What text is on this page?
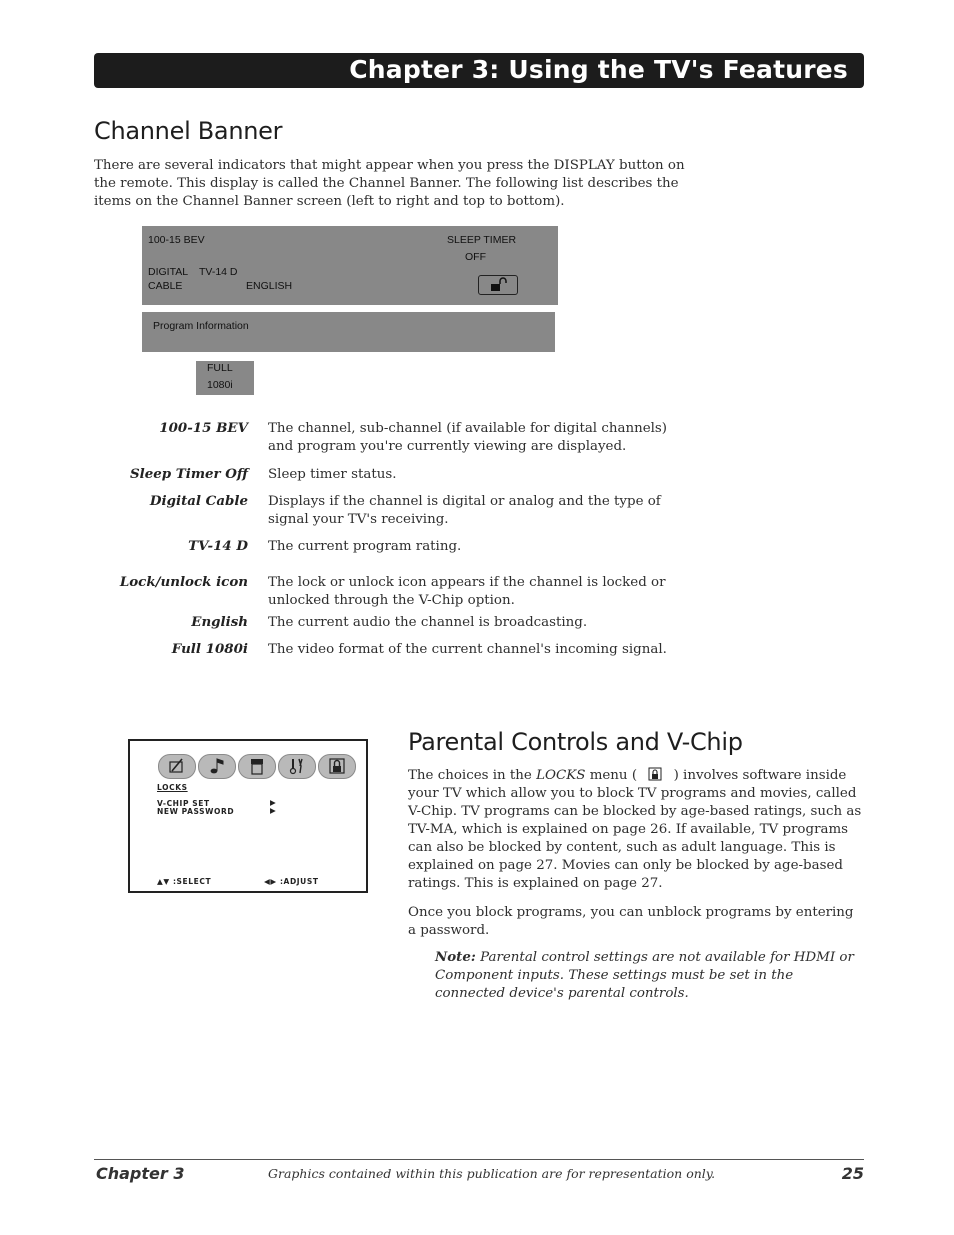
Chapter 3: Using the TV's Features
Channel Banner
There are several indicators that might appear when you press the DISPLAY button on the remote. This display is called the Channel Banner. The following list describes the items on the Channel Banner screen (left to right and top to bottom).
100-15 BEV	SLEEP TIMER
OFF
DIGITAL TV-14 D
CABLE	ENGLISH
Program Information
FULL
1080i
100-15 BEV The channel, sub-channel (if available for digital channels) and program you're currently viewing are displayed.
Sleep Timer Off Sleep timer status.
Digital Cable Displays if the channel is digital or analog and the type of signal your TV's receiving.
TV-14 D The current program rating.
Lock/unlock icon The lock or unlock icon appears if the channel is locked or unlocked through the V-Chip option.
English The current audio the channel is broadcasting.
Full 1080i The video format of the current channel's incoming signal.
LOCKS
V-CHIP SET	▶
NEW PASSWORD	▶
▲▼ :SELECT	◀▶ :ADJUST
Parental Controls and V-Chip
The choices in the LOCKS menu (	) involves software inside your TV which allow you to block TV programs and movies, called V-Chip. TV programs can be blocked by age-based ratings, such as TV-MA, which is explained on page 26. If available, TV programs can also be blocked by content, such as adult language. This is explained on page 27. Movies can only be blocked by age-based ratings. This is explained on page 27.
Once you block programs, you can unblock programs by entering a password.
Note: Parental control settings are not available for HDMI or Component inputs. These settings must be set in the connected device's parental controls.
Chapter 3	Graphics contained within this publication are for representation only.	25
